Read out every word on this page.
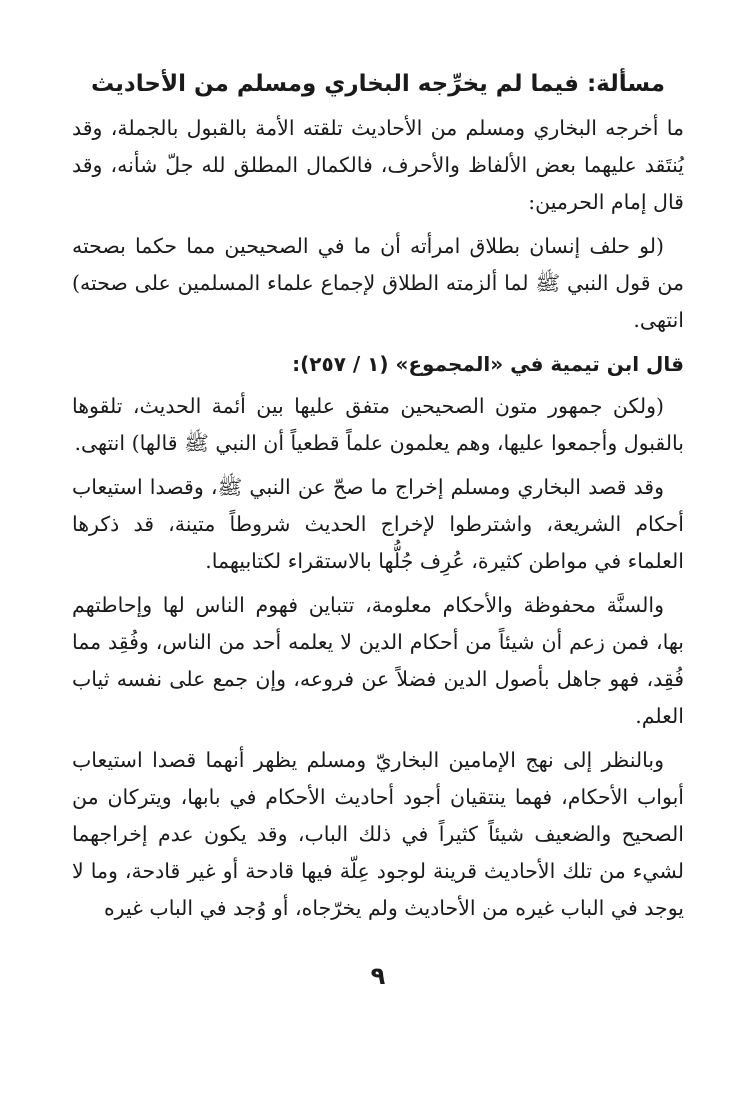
مسألة: فيما لم يخرِّجه البخاري ومسلم من الأحاديث

ما أخرجه البخاري ومسلم من الأحاديث تلقته الأمة بالقبول بالجملة، وقد يُنتَقد عليهما بعض الألفاظ والأحرف، فالكمال المطلق لله جلّ شأنه، وقد قال إمام الحرمين:

(لو حلف إنسان بطلاق امرأته أن ما في الصحيحين مما حكما بصحته من قول النبي ﷺ لما ألزمته الطلاق لإجماع علماء المسلمين على صحته) انتهى.

قال ابن تيمية في «المجموع» (١ / ٢٥٧):

(ولكن جمهور متون الصحيحين متفق عليها بين أئمة الحديث، تلقوها بالقبول وأجمعوا عليها، وهم يعلمون علماً قطعياً أن النبي ﷺ قالها) انتهى.

وقد قصد البخاري ومسلم إخراج ما صحّ عن النبي ﷺ، وقصدا استيعاب أحكام الشريعة، واشترطوا لإخراج الحديث شروطاً متينة، قد ذكرها العلماء في مواطن كثيرة، عُرِف جُلُّها بالاستقراء لكتابيهما.

والسنَّة محفوظة والأحكام معلومة، تتباين فهوم الناس لها وإحاطتهم بها، فمن زعم أن شيئاً من أحكام الدين لا يعلمه أحد من الناس، وفُقِد مما فُقِد، فهو جاهل بأصول الدين فضلاً عن فروعه، وإن جمع على نفسه ثياب العلم.

وبالنظر إلى نهج الإمامين البخاريّ ومسلم يظهر أنهما قصدا استيعاب أبواب الأحكام، فهما ينتقيان أجود أحاديث الأحكام في بابها، ويتركان من الصحيح والضعيف شيئاً كثيراً في ذلك الباب، وقد يكون عدم إخراجهما لشيء من تلك الأحاديث قرينة لوجود عِلّة فيها قادحة أو غير قادحة، وما لا يوجد في الباب غيره من الأحاديث ولم يخرّجاه، أو وُجد في الباب غيره

٩
